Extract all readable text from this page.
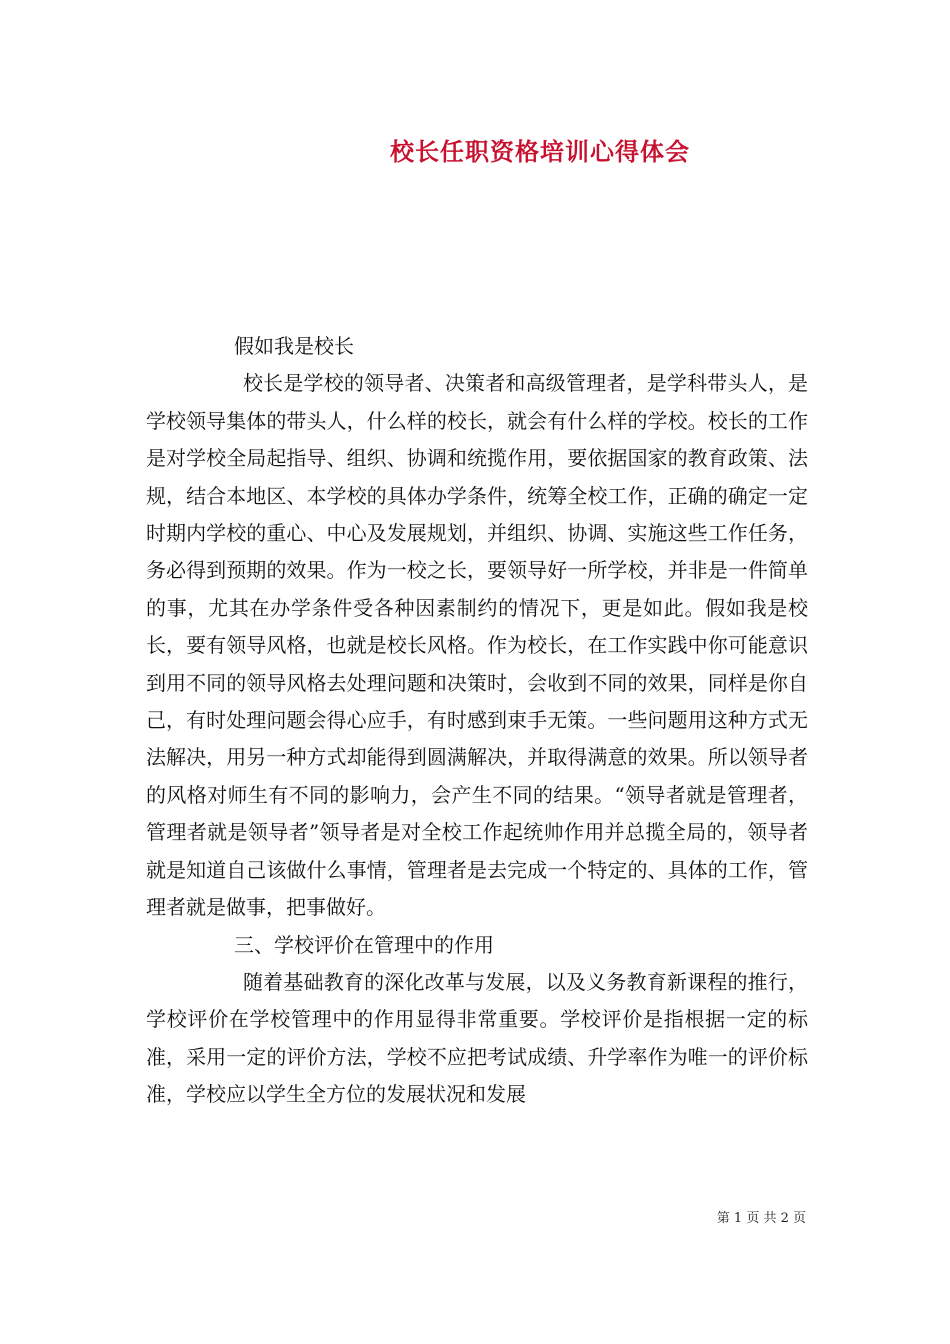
校长任职资格培训心得体会

假如我是校长

校长是学校的领导者、决策者和高级管理者，是学科带头人，是学校领导集体的带头人，什么样的校长，就会有什么样的学校。校长的工作是对学校全局起指导、组织、协调和统揽作用，要依据国家的教育政策、法规，结合本地区、本学校的具体办学条件，统筹全校工作，正确的确定一定时期内学校的重心、中心及发展规划，并组织、协调、实施这些工作任务，务必得到预期的效果。作为一校之长，要领导好一所学校，并非是一件简单的事，尤其在办学条件受各种因素制约的情况下，更是如此。假如我是校长，要有领导风格，也就是校长风格。作为校长，在工作实践中你可能意识到用不同的领导风格去处理问题和决策时，会收到不同的效果，同样是你自己，有时处理问题会得心应手，有时感到束手无策。一些问题用这种方式无法解决，用另一种方式却能得到圆满解决，并取得满意的效果。所以领导者的风格对师生有不同的影响力，会产生不同的结果。“领导者就是管理者，管理者就是领导者”领导者是对全校工作起统帅作用并总揽全局的，领导者就是知道自己该做什么事情，管理者是去完成一个特定的、具体的工作，管理者就是做事，把事做好。

三、学校评价在管理中的作用

随着基础教育的深化改革与发展，以及义务教育新课程的推行，学校评价在学校管理中的作用显得非常重要。学校评价是指根据一定的标准，采用一定的评价方法，学校不应把考试成绩、升学率作为唯一的评价标准，学校应以学生全方位的发展状况和发展

第 1 页 共 2 页
